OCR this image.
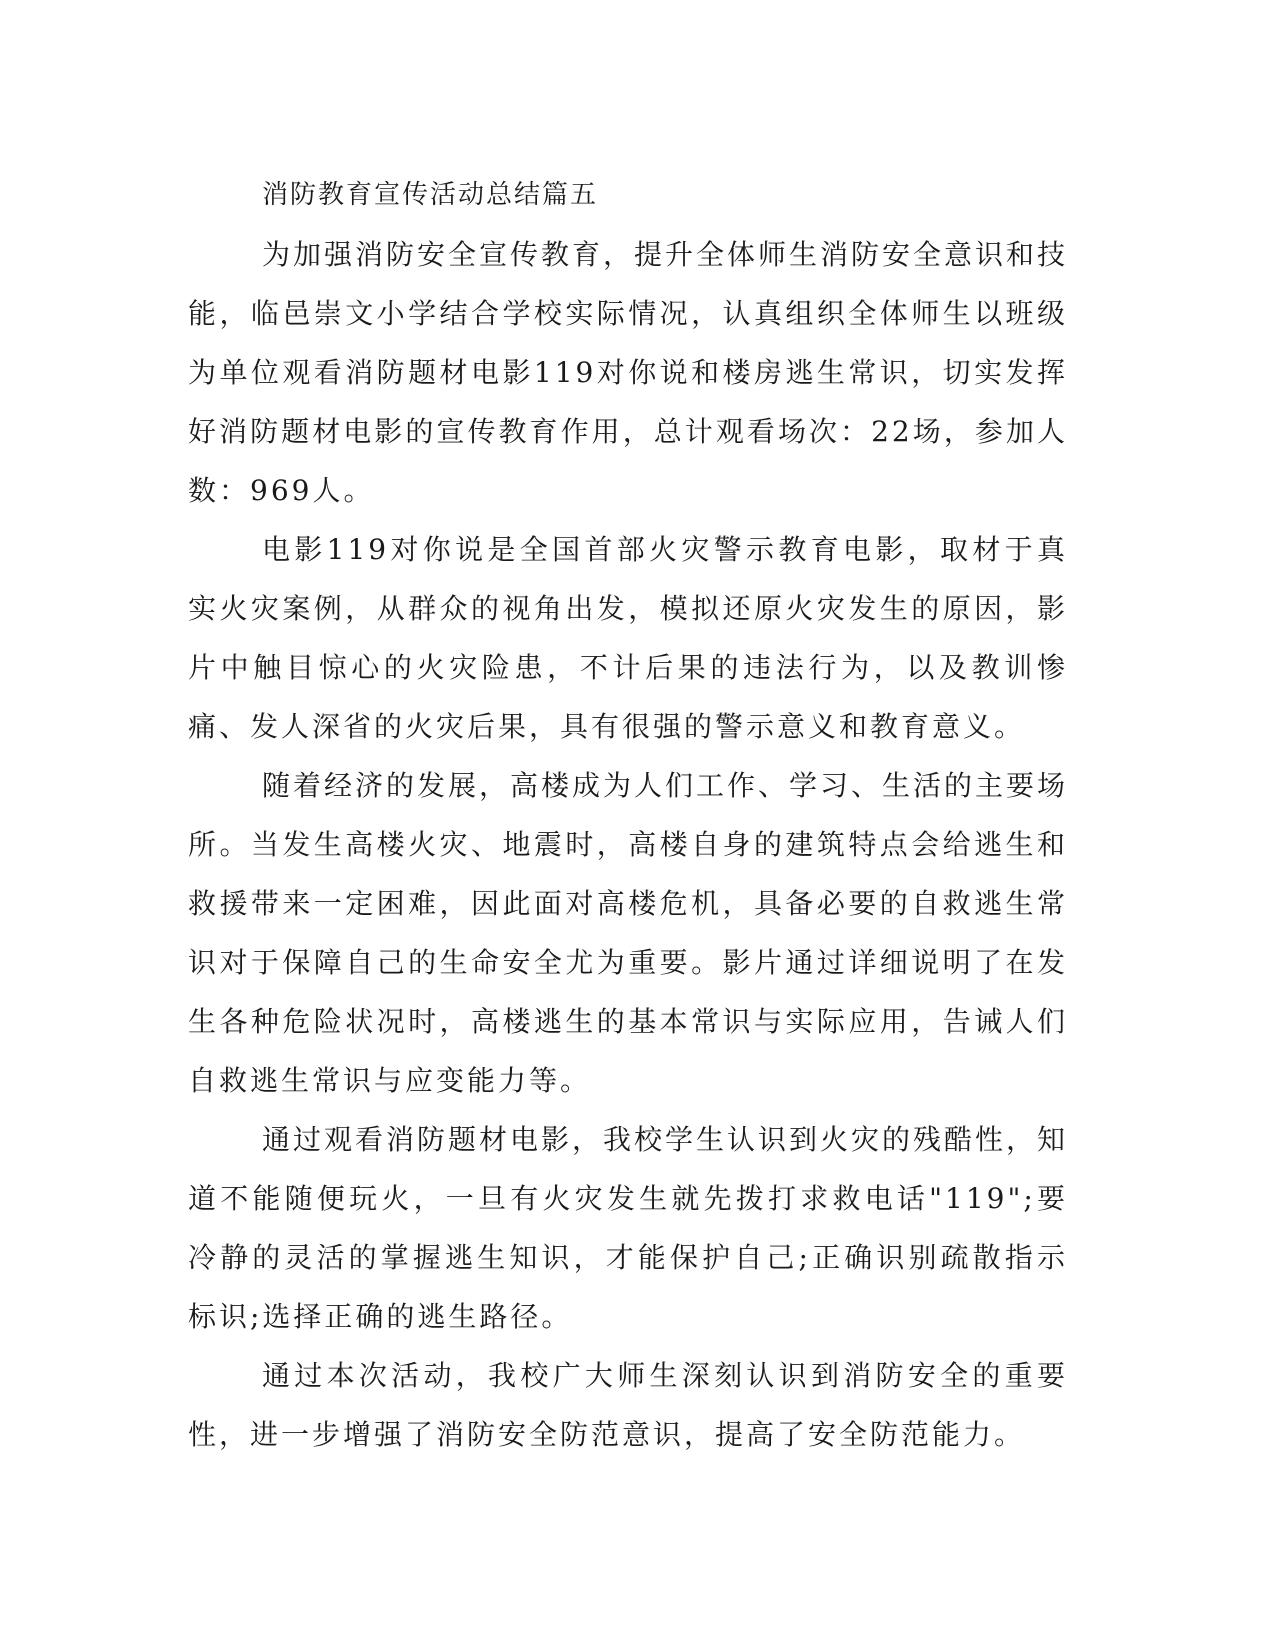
消防教育宣传活动总结篇五

为加强消防安全宣传教育，提升全体师生消防安全意识和技能，临邑崇文小学结合学校实际情况，认真组织全体师生以班级为单位观看消防题材电影119对你说和楼房逃生常识，切实发挥好消防题材电影的宣传教育作用，总计观看场次：22场，参加人数：969人。

电影119对你说是全国首部火灾警示教育电影，取材于真实火灾案例，从群众的视角出发，模拟还原火灾发生的原因，影片中触目惊心的火灾险患，不计后果的违法行为，以及教训惨痛、发人深省的火灾后果，具有很强的警示意义和教育意义。

随着经济的发展，高楼成为人们工作、学习、生活的主要场所。当发生高楼火灾、地震时，高楼自身的建筑特点会给逃生和救援带来一定困难，因此面对高楼危机，具备必要的自救逃生常识对于保障自己的生命安全尤为重要。影片通过详细说明了在发生各种危险状况时，高楼逃生的基本常识与实际应用，告诫人们自救逃生常识与应变能力等。

通过观看消防题材电影，我校学生认识到火灾的残酷性，知道不能随便玩火，一旦有火灾发生就先拨打求救电话"119";要冷静的灵活的掌握逃生知识，才能保护自己;正确识别疏散指示标识;选择正确的逃生路径。

通过本次活动，我校广大师生深刻认识到消防安全的重要性，进一步增强了消防安全防范意识，提高了安全防范能力。
